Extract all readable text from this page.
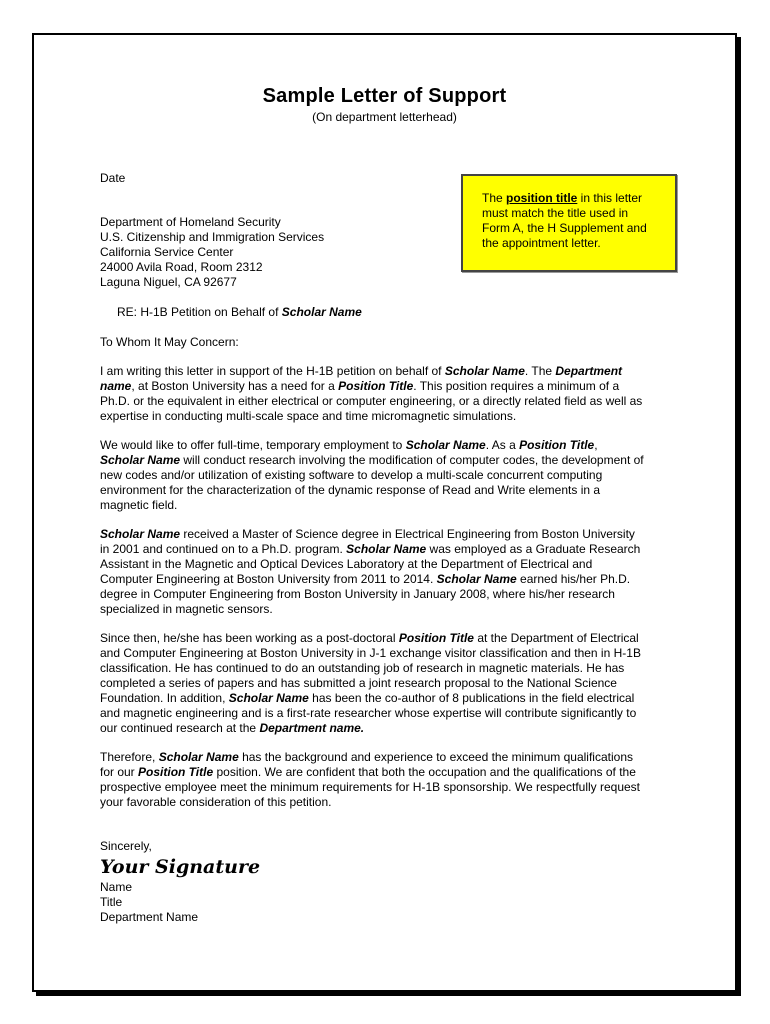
Sample Letter of Support
(On department letterhead)
Date
The position title in this letter
must match the title used in
Form A, the H Supplement and
the appointment letter.
Department of Homeland Security
U.S. Citizenship and Immigration Services
California Service Center
24000 Avila Road, Room 2312
Laguna Niguel, CA 92677
RE: H-1B Petition on Behalf of Scholar Name
To Whom It May Concern:
I am writing this letter in support of the H-1B petition on behalf of Scholar Name. The Department
name, at Boston University has a need for a Position Title. This position requires a minimum of a
Ph.D. or the equivalent in either electrical or computer engineering, or a directly related field as well as
expertise in conducting multi-scale space and time micromagnetic simulations.
We would like to offer full-time, temporary employment to Scholar Name. As a Position Title,
Scholar Name will conduct research involving the modification of computer codes, the development of
new codes and/or utilization of existing software to develop a multi-scale concurrent computing
environment for the characterization of the dynamic response of Read and Write elements in a
magnetic field.
Scholar Name received a Master of Science degree in Electrical Engineering from Boston University
in 2001 and continued on to a Ph.D. program. Scholar Name was employed as a Graduate Research
Assistant in the Magnetic and Optical Devices Laboratory at the Department of Electrical and
Computer Engineering at Boston University from 2011 to 2014. Scholar Name earned his/her Ph.D.
degree in Computer Engineering from Boston University in January 2008, where his/her research
specialized in magnetic sensors.
Since then, he/she has been working as a post-doctoral Position Title at the Department of Electrical
and Computer Engineering at Boston University in J-1 exchange visitor classification and then in H-1B
classification. He has continued to do an outstanding job of research in magnetic materials. He has
completed a series of papers and has submitted a joint research proposal to the National Science
Foundation. In addition, Scholar Name has been the co-author of 8 publications in the field electrical
and magnetic engineering and is a first-rate researcher whose expertise will contribute significantly to
our continued research at the Department name.
Therefore, Scholar Name has the background and experience to exceed the minimum qualifications
for our Position Title position. We are confident that both the occupation and the qualifications of the
prospective employee meet the minimum requirements for H-1B sponsorship. We respectfully request
your favorable consideration of this petition.
Sincerely,
Your Signature
Name
Title
Department Name
